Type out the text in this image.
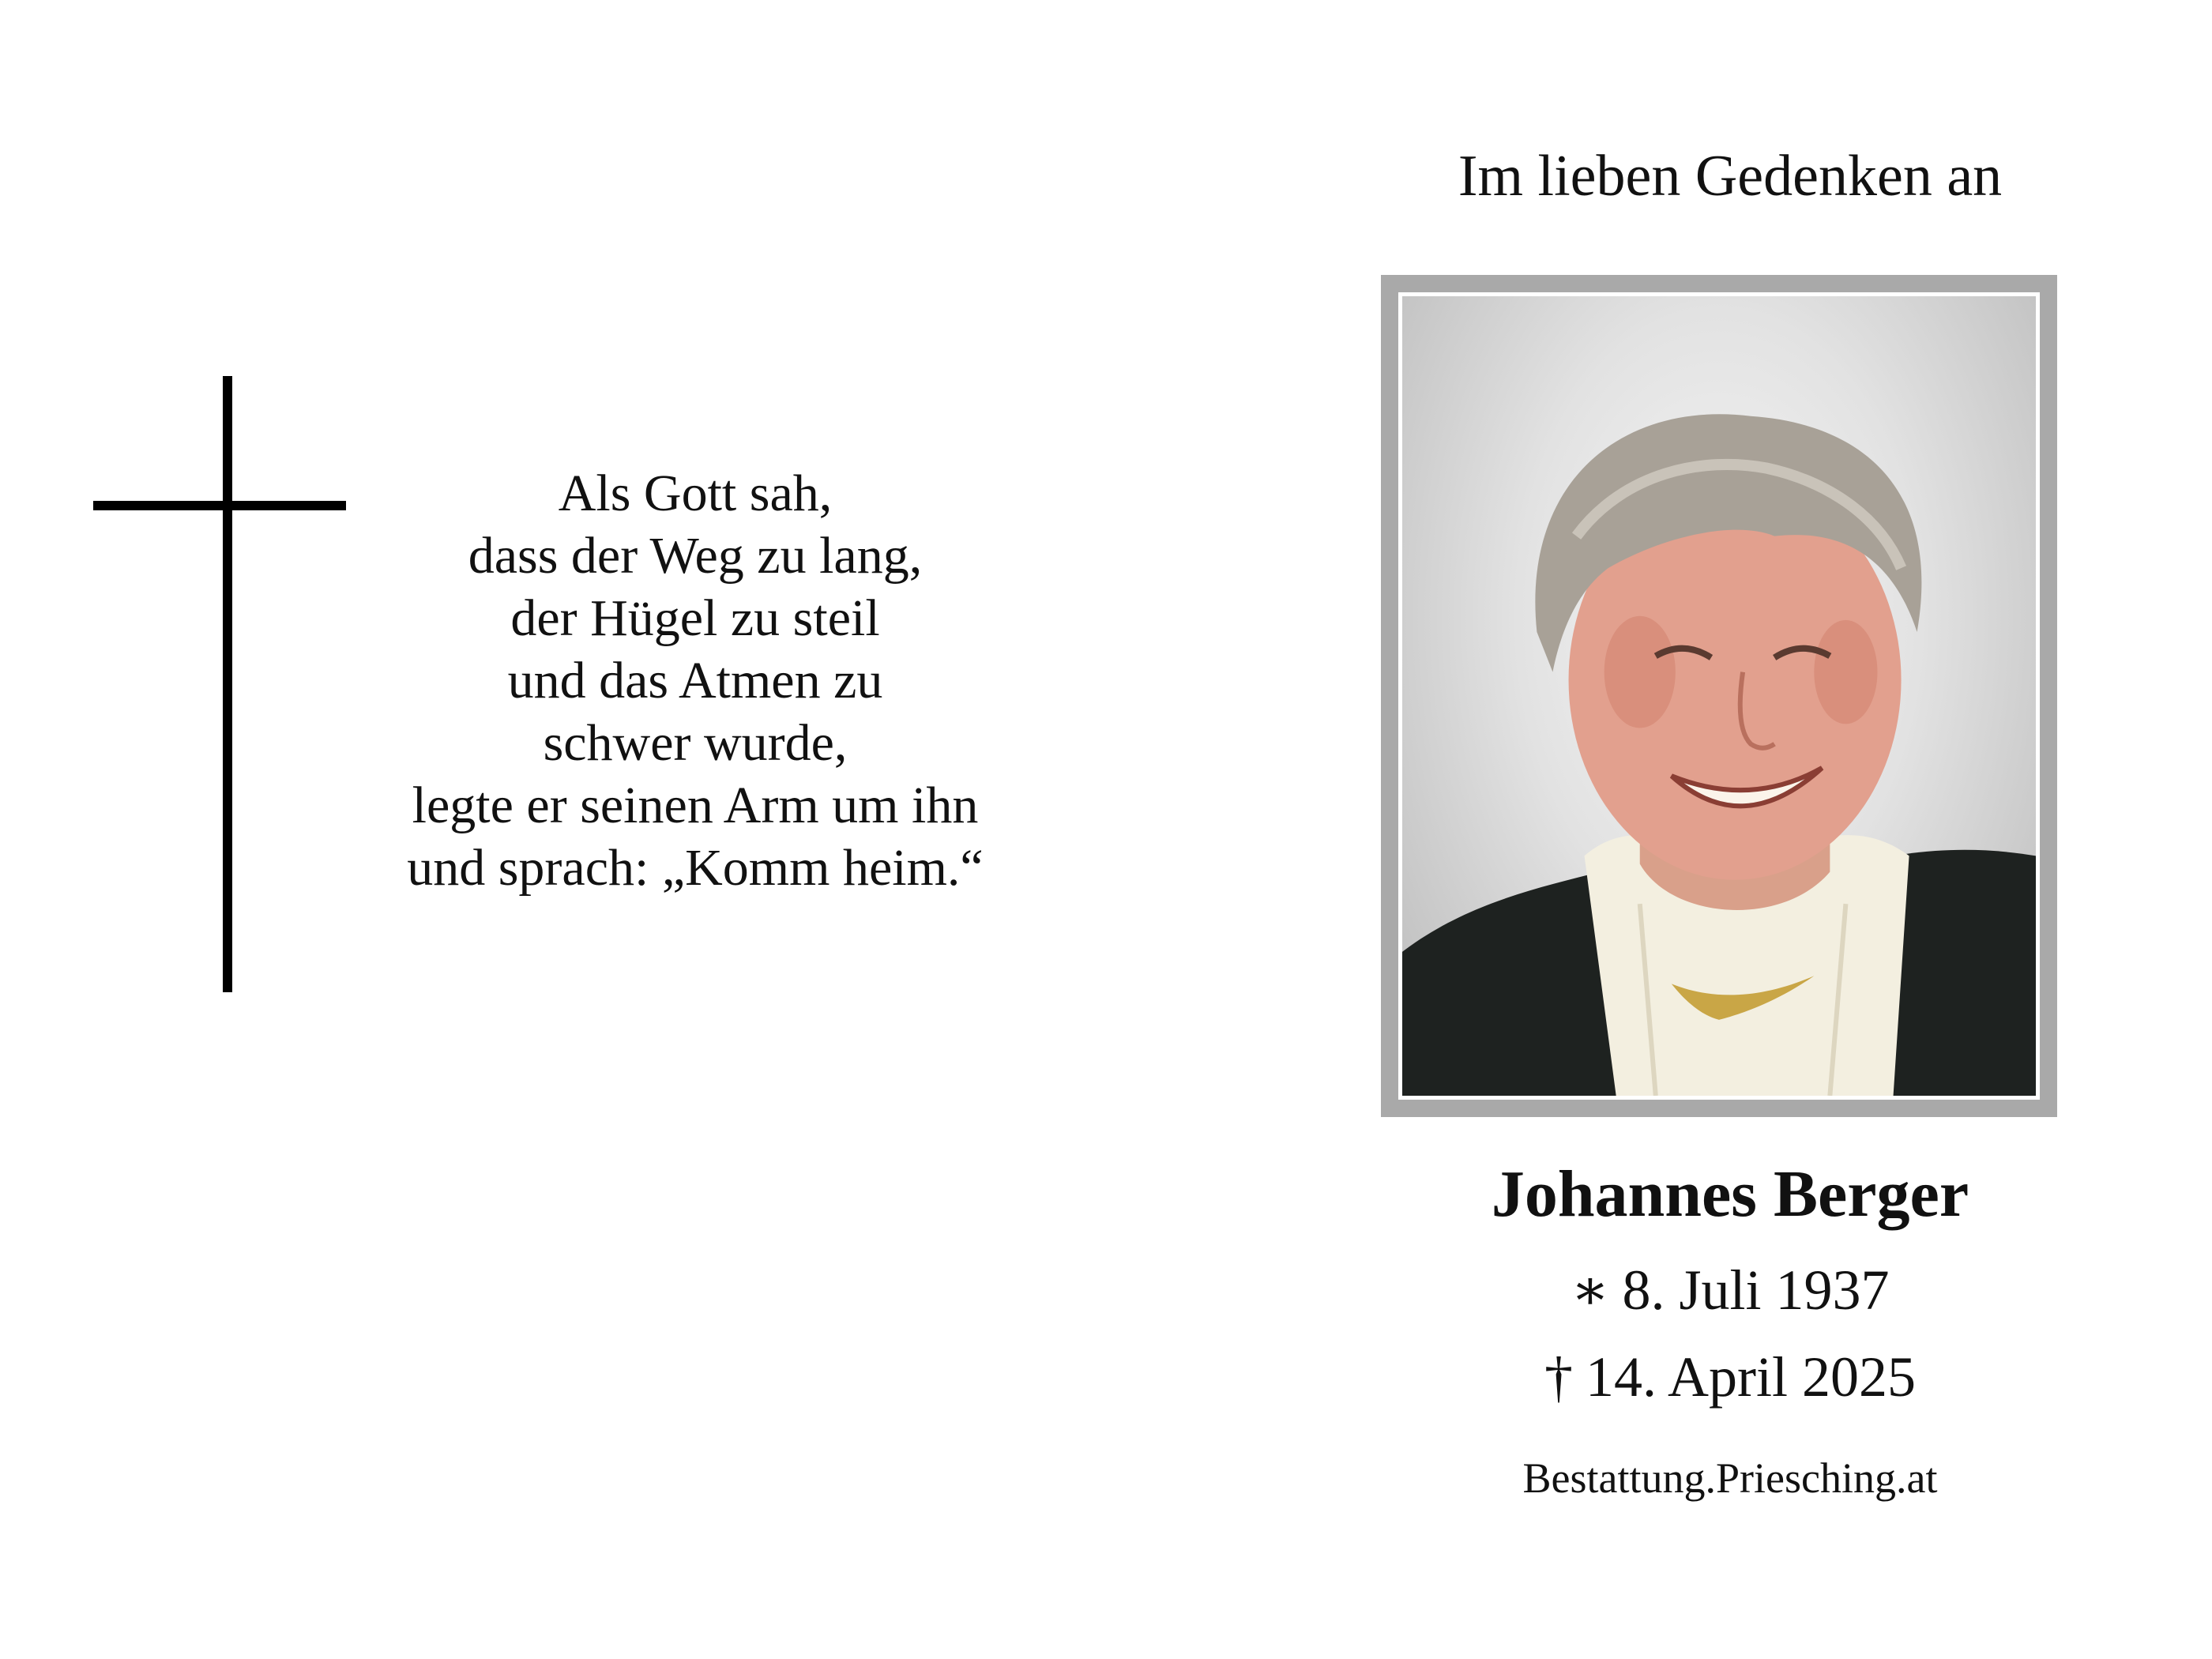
Als Gott sah,
dass der Weg zu lang,
der Hügel zu steil
und das Atmen zu
schwer wurde,
legte er seinen Arm um ihn
und sprach: „Komm heim.“
Im lieben Gedenken an
Johannes Berger
∗ 8. Juli 1937
† 14. April 2025
Bestattung.Priesching.at
